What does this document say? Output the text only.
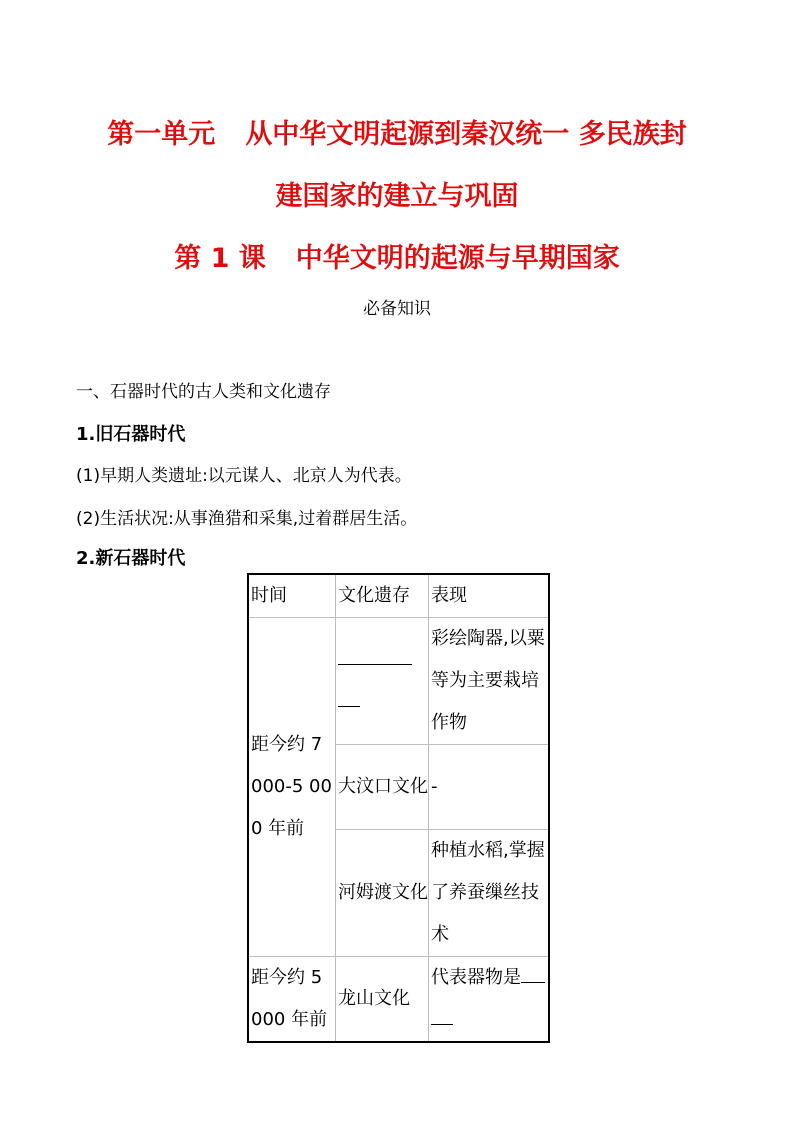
第一单元 从中华文明起源到秦汉统一 多民族封
建国家的建立与巩固
第 1 课 中华文明的起源与早期国家
必备知识
一、石器时代的古人类和文化遗存
1.旧石器时代
(1)早期人类遗址:以元谋人、北京人为代表。
(2)生活状况:从事渔猎和采集,过着群居生活。
2.新石器时代
时间	文化遗存	表现
距今约 7 000-5 000 年前		彩绘陶器,以粟等为主要栽培作物
	大汶口文化	-
	河姆渡文化	种植水稻,掌握了养蚕缫丝技术
距今约 5 000 年前	龙山文化	代表器物是
